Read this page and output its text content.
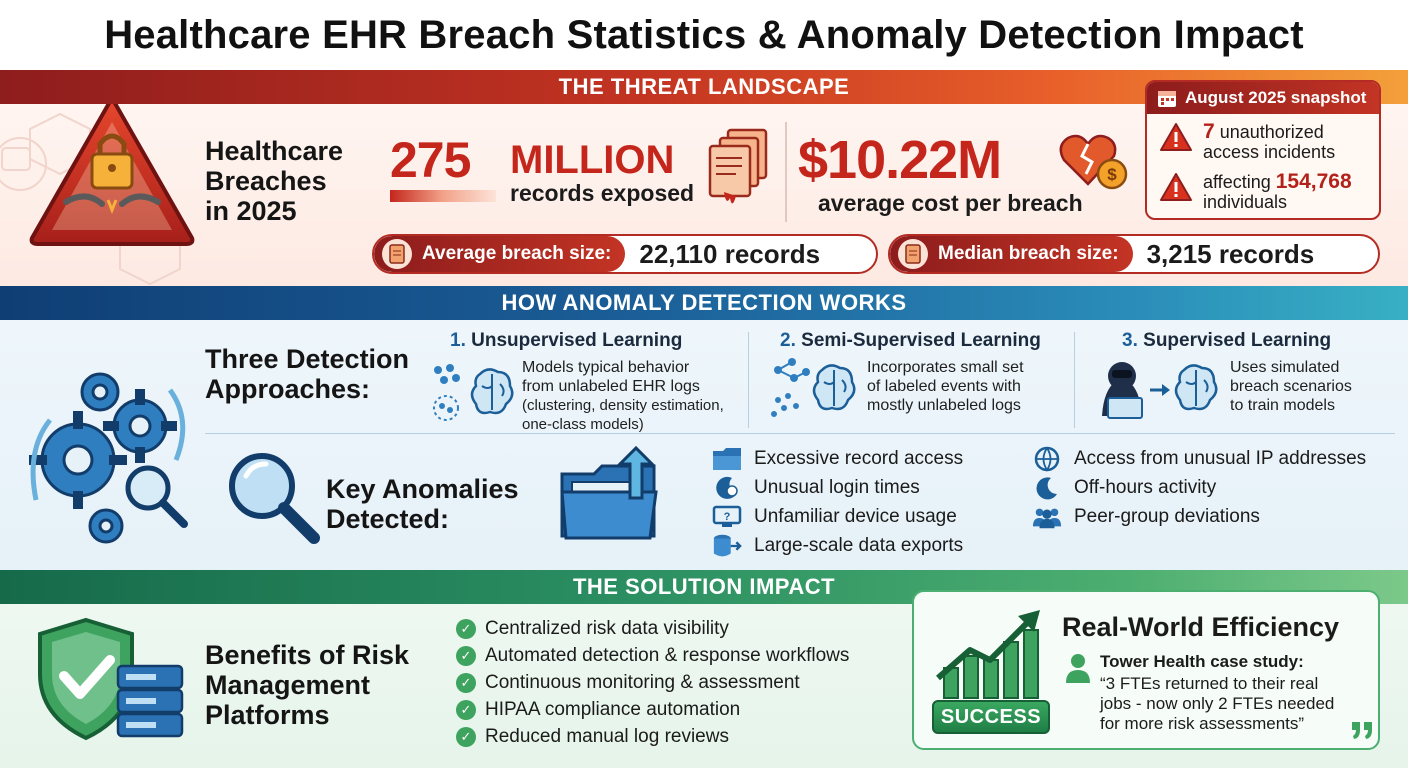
Healthcare EHR Breach Statistics & Anomaly Detection Impact
THE THREAT LANDSCAPE
Healthcare
Breaches
in 2025
275 MILLION
records exposed
$10.22M
average cost per breach
$
Average breach size:	22,110 records	Median breach size:	3,215 records
August 2025 snapshot
7 unauthorized
access incidents
affecting 154,768
individuals
HOW ANOMALY DETECTION WORKS
Three Detection
Approaches:
1. Unsupervised Learning
Models typical behavior
from unlabeled EHR logs
(clustering, density estimation,
one-class models)
2. Semi-Supervised Learning
Incorporates small set
of labeled events with
mostly unlabeled logs
3. Supervised Learning
Uses simulated
breach scenarios
to train models
Key Anomalies
Detected:
Excessive record access
Unusual login times
? Unfamiliar device usage
Large-scale data exports
Access from unusual IP addresses
Off-hours activity
Peer-group deviations
THE SOLUTION IMPACT
Benefits of Risk
Management
Platforms
✓ Centralized risk data visibility
✓ Automated detection & response workflows
✓ Continuous monitoring & assessment
✓ HIPAA compliance automation
✓ Reduced manual log reviews
SUCCESS
Real-World Efficiency
Tower Health case study:
“3 FTEs returned to their real
jobs - now only 2 FTEs needed
for more risk assessments”
